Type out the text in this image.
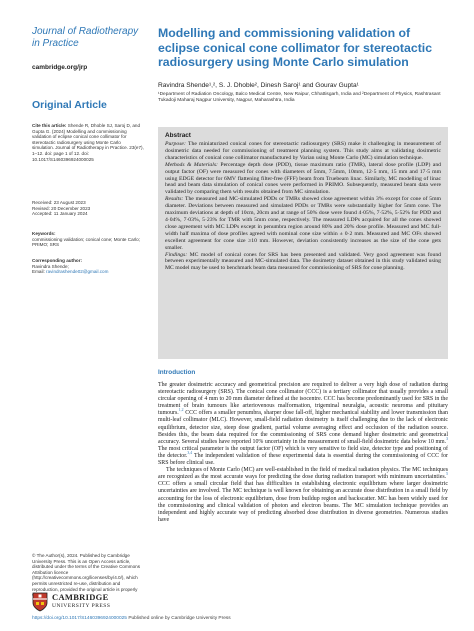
Journal of Radiotherapy in Practice
cambridge.org/jrp
Original Article
Cite this article: Shende R, Dhoble SJ, Saroj D, and Gupta G. (2024) Modelling and commissioning validation of eclipse conical cone collimator for stereotactic radiosurgery using Monte Carlo simulation. Journal of Radiotherapy in Practice. 23(e7), 1–12. doi: page 1 of 12. doi: 10.1017/S1460396924000025
Received: 23 August 2023
Revised: 20 December 2023
Accepted: 11 January 2024
Keywords:
commissioning validation; conical cone; Monte Carlo; PRIMO; SRS
Corresponding author:
Ravindra Shende;
Email: ravindrashende02@gmail.com
© The Author(s), 2024. Published by Cambridge University Press. This is an Open Access article, distributed under the terms of the Creative Commons Attribution licence (http://creativecommons.org/licenses/by/4.0/), which permits unrestricted re-use, distribution and reproduction, provided the original article is properly
CAMBRIDGE
UNIVERSITY PRESS
Modelling and commissioning validation of eclipse conical cone collimator for stereotactic radiosurgery using Monte Carlo simulation
Ravindra Shende¹,², S. J. Dhoble², Dinesh Saroj¹ and Gourav Gupta¹
¹Department of Radiation Oncology, Balco Medical Centre, New Raipur, Chhattisgarh, India and ²Department of Physics, Rashtrasant Tukadoji Maharaj Nagpur University, Nagpur, Maharashtra, India
Abstract
Purpose: The miniaturized conical cones for stereotactic radiosurgery (SRS) make it challenging in measurement of dosimetric data needed for commissioning of treatment planning system. This study aims at validating dosimetric characteristics of conical cone collimator manufactured by Varian using Monte Carlo (MC) simulation technique.
Methods & Materials: Percentage depth dose (PDD), tissue maximum ratio (TMR), lateral dose profile (LDP) and output factor (OF) were measured for cones with diameters of 5mm, 7.5mm, 10mm, 12·5 mm, 15 mm and 17·5 mm using EDGE detector for 6MV flattening filter-free (FFF) beam from Truebeam linac. Similarly, MC modelling of linac head and beam data simulation of conical cones were performed in PRIMO. Subsequently, measured beam data were validated by comparing them with results obtained from MC simulation.
Results: The measured and MC-simulated PDDs or TMRs showed close agreement within 3% except for cone of 5mm diameter. Deviations between measured and simulated PDDs or TMRs were substantially higher for 5mm cone. The maximum deviations at depth of 10cm, 20cm and at range of 50% dose were found 4·05%, 7·52%, 5·52% for PDD and 4·04%, 7·03%, 5·23% for TMR with 5mm cone, respectively. The measured LDPs acquired for all the cones showed close agreement with MC LDPs except in penumbra region around 80% and 20% dose profile. Measured and MC full-width half maxima of dose profiles agreed with nominal cone size within ± 0·2 mm. Measured and MC OFs showed excellent agreement for cone size ≥10 mm. However, deviation consistently increases as the size of the cone gets smaller.
Findings: MC model of conical cones for SRS has been presented and validated. Very good agreement was found between experimentally measured and MC-simulated data. The dosimetry dataset obtained in this study validated using MC model may be used to benchmark beam data measured for commissioning of SRS for cone planning.
Introduction

The greater dosimetric accuracy and geometrical precision are required to deliver a very high dose of radiation during stereotactic radiosurgery (SRS). The conical cone collimator (CCC) is a tertiary collimator that usually provides a small circular opening of 4 mm to 20 mm diameter defined at the isocentre. CCC has become predominantly used for SRS in the treatment of brain tumours like arteriovenous malformation, trigeminal neuralgia, acoustic neuroma and pituitary tumours.$^{1,2}$ CCC offers a smaller penumbra, sharper dose fall-off, higher mechanical stability and lower transmission than multi-leaf collimator (MLC). However, small-field radiation dosimetry is itself challenging due to the lack of electronic equilibrium, detector size, steep dose gradient, partial volume averaging effect and occlusion of the radiation source. Besides this, the beam data required for the commissioning of SRS cone demand higher dosimetric and geometrical accuracy. Several studies have reported 10% uncertainty in the measurement of small-field dosimetric data below 10 mm.$^3$ The most critical parameter is the output factor (OF) which is very sensitive to field size, detector type and positioning of the detector.$^{3,4}$ The independent validation of these experimental data is essential during the commissioning of CCC for SRS before clinical use.

The techniques of Monte Carlo (MC) are well-established in the field of medical radiation physics. The MC techniques are recognized as the most accurate ways for predicting the dose during radiation transport with minimum uncertainties.$^5$ CCC offers a small circular field that has difficulties in establishing electronic equilibrium where larger dosimetric uncertainties are involved. The MC technique is well known for obtaining an accurate dose distribution in a small field by accounting for the loss of electronic equilibrium, dose from buildup region and backscatter. MC has been widely used for the commissioning and clinical validation of photon and electron beams. The MC simulation technique provides an independent and highly accurate way of predicting absorbed dose distribution in diverse geometries. Numerous studies have

https://doi.org/10.1017/S1460396924000025 Published online by Cambridge University Press
